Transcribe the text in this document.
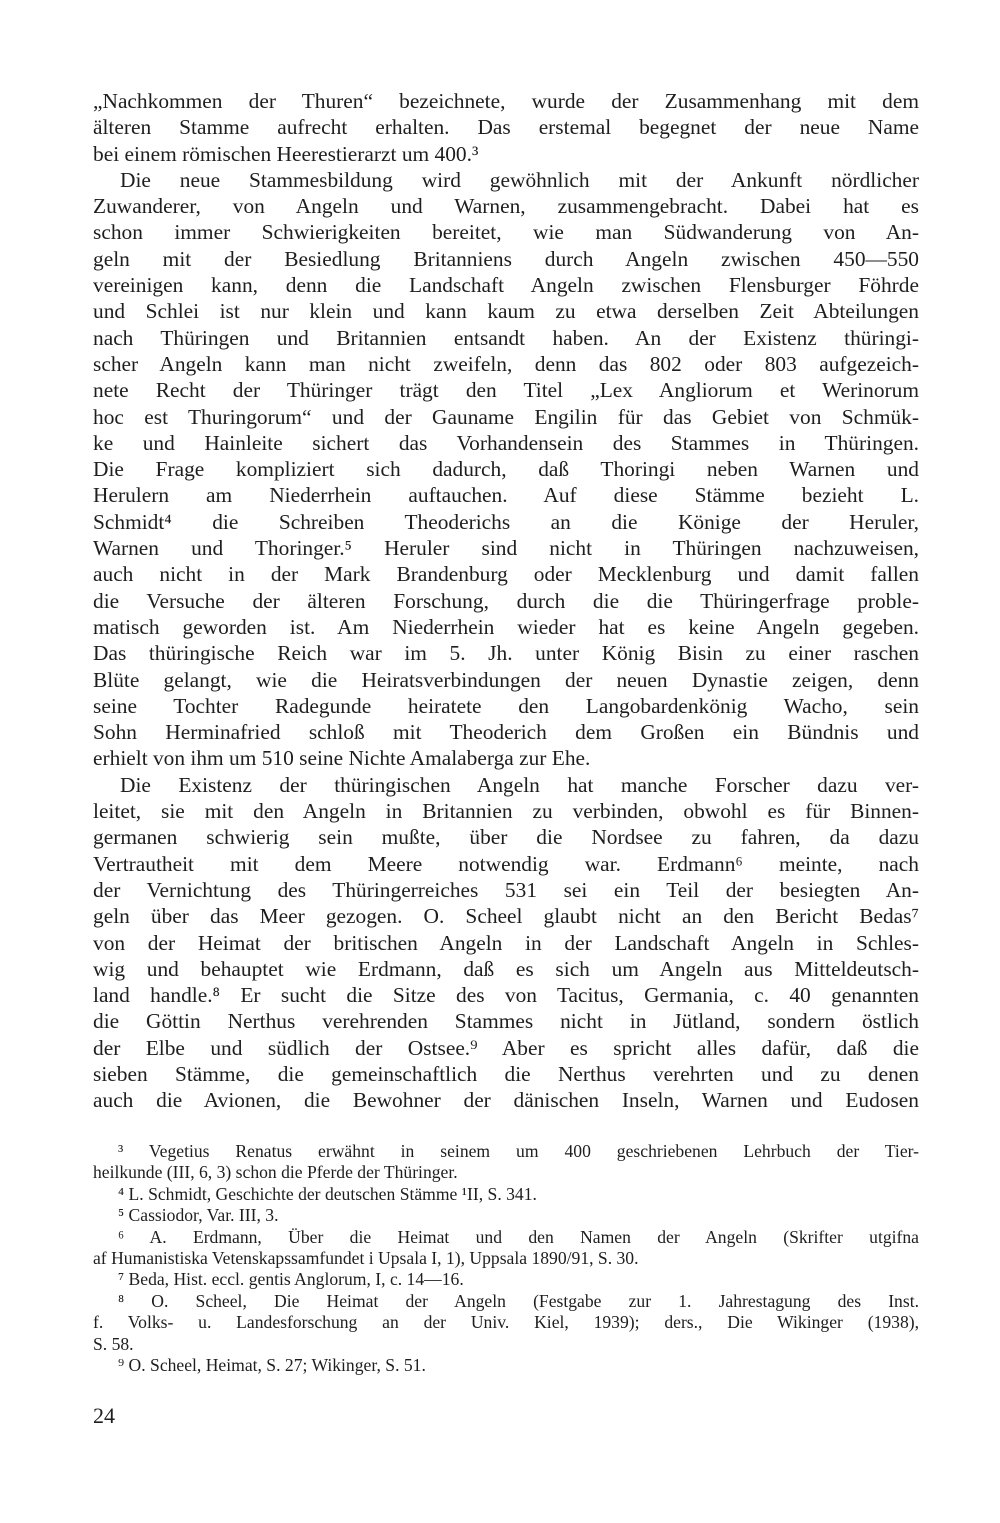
„Nachkommen der Thuren“ bezeichnete, wurde der Zusammenhang mit dem
älteren Stamme aufrecht erhalten. Das erstemal begegnet der neue Name
bei einem römischen Heerestierarzt um 400.³
Die neue Stammesbildung wird gewöhnlich mit der Ankunft nördlicher
Zuwanderer, von Angeln und Warnen, zusammengebracht. Dabei hat es
schon immer Schwierigkeiten bereitet, wie man Südwanderung von An-
geln mit der Besiedlung Britanniens durch Angeln zwischen 450—550
vereinigen kann, denn die Landschaft Angeln zwischen Flensburger Föhrde
und Schlei ist nur klein und kann kaum zu etwa derselben Zeit Abteilungen
nach Thüringen und Britannien entsandt haben. An der Existenz thüringi-
scher Angeln kann man nicht zweifeln, denn das 802 oder 803 aufgezeich-
nete Recht der Thüringer trägt den Titel „Lex Angliorum et Werinorum
hoc est Thuringorum“ und der Gauname Engilin für das Gebiet von Schmük-
ke und Hainleite sichert das Vorhandensein des Stammes in Thüringen.
Die Frage kompliziert sich dadurch, daß Thoringi neben Warnen und
Herulern am Niederrhein auftauchen. Auf diese Stämme bezieht L.
Schmidt⁴ die Schreiben Theoderichs an die Könige der Heruler,
Warnen und Thoringer.⁵ Heruler sind nicht in Thüringen nachzuweisen,
auch nicht in der Mark Brandenburg oder Mecklenburg und damit fallen
die Versuche der älteren Forschung, durch die die Thüringerfrage proble-
matisch geworden ist. Am Niederrhein wieder hat es keine Angeln gegeben.
Das thüringische Reich war im 5. Jh. unter König Bisin zu einer raschen
Blüte gelangt, wie die Heiratsverbindungen der neuen Dynastie zeigen, denn
seine Tochter Radegunde heiratete den Langobardenkönig Wacho, sein
Sohn Herminafried schloß mit Theoderich dem Großen ein Bündnis und
erhielt von ihm um 510 seine Nichte Amalaberga zur Ehe.
Die Existenz der thüringischen Angeln hat manche Forscher dazu ver-
leitet, sie mit den Angeln in Britannien zu verbinden, obwohl es für Binnen-
germanen schwierig sein mußte, über die Nordsee zu fahren, da dazu
Vertrautheit mit dem Meere notwendig war. Erdmann⁶ meinte, nach
der Vernichtung des Thüringerreiches 531 sei ein Teil der besiegten An-
geln über das Meer gezogen. O. Scheel glaubt nicht an den Bericht Bedas⁷
von der Heimat der britischen Angeln in der Landschaft Angeln in Schles-
wig und behauptet wie Erdmann, daß es sich um Angeln aus Mitteldeutsch-
land handle.⁸ Er sucht die Sitze des von Tacitus, Germania, c. 40 genannten
die Göttin Nerthus verehrenden Stammes nicht in Jütland, sondern östlich
der Elbe und südlich der Ostsee.⁹ Aber es spricht alles dafür, daß die
sieben Stämme, die gemeinschaftlich die Nerthus verehrten und zu denen
auch die Avionen, die Bewohner der dänischen Inseln, Warnen und Eudosen
³ Vegetius Renatus erwähnt in seinem um 400 geschriebenen Lehrbuch der Tier-
heilkunde (III, 6, 3) schon die Pferde der Thüringer.
⁴ L. Schmidt, Geschichte der deutschen Stämme ¹II, S. 341.
⁵ Cassiodor, Var. III, 3.
⁶ A. Erdmann, Über die Heimat und den Namen der Angeln (Skrifter utgifna
af Humanistiska Vetenskapssamfundet i Upsala I, 1), Uppsala 1890/91, S. 30.
⁷ Beda, Hist. eccl. gentis Anglorum, I, c. 14—16.
⁸ O. Scheel, Die Heimat der Angeln (Festgabe zur 1. Jahrestagung des Inst.
f. Volks- u. Landesforschung an der Univ. Kiel, 1939); ders., Die Wikinger (1938),
S. 58.
⁹ O. Scheel, Heimat, S. 27; Wikinger, S. 51.
24
